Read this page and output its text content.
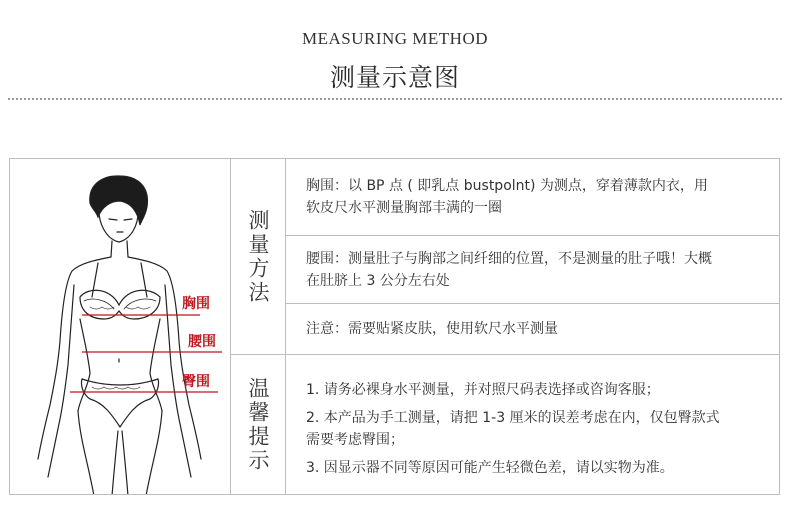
MEASURING METHOD
测量示意图
胸围
腰围
臀围
测量方法
温馨提示
胸围：以 BP 点 ( 即乳点 bustpolnt) 为测点，穿着薄款内衣，用
软皮尺水平测量胸部丰满的一圈
腰围：测量肚子与胸部之间纤细的位置，不是测量的肚子哦！大概
在肚脐上 3 公分左右处
注意：需要贴紧皮肤，使用软尺水平测量
1. 请务必裸身水平测量，并对照尺码表选择或咨询客服；
2. 本产品为手工测量，请把 1-3 厘米的误差考虑在内，仅包臀款式
需要考虑臀围；
3. 因显示器不同等原因可能产生轻微色差，请以实物为准。
